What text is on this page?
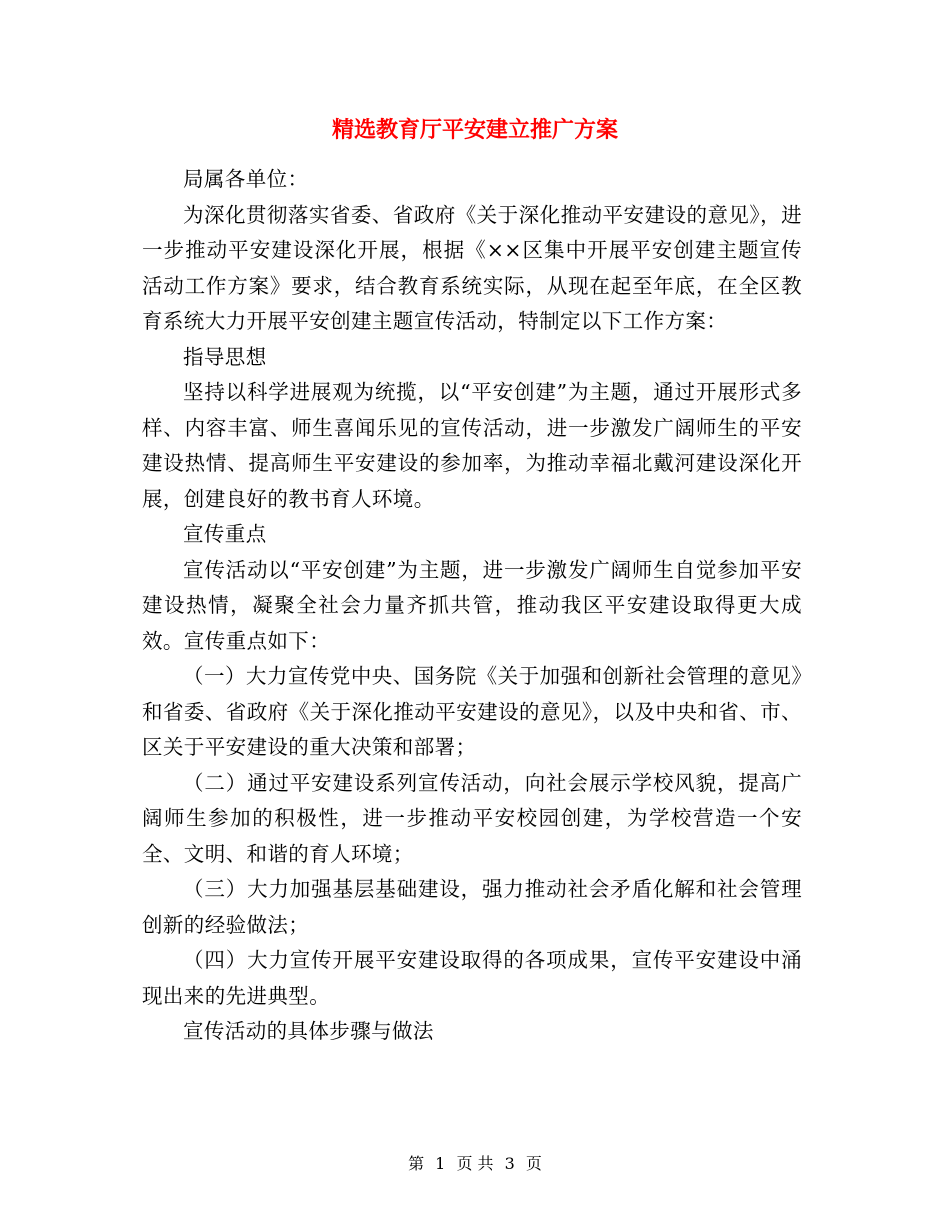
精选教育厅平安建立推广方案

局属各单位：

为深化贯彻落实省委、省政府《关于深化推动平安建设的意见》，进一步推动平安建设深化开展，根据《××区集中开展平安创建主题宣传活动工作方案》要求，结合教育系统实际，从现在起至年底，在全区教育系统大力开展平安创建主题宣传活动，特制定以下工作方案：

指导思想

坚持以科学进展观为统揽，以“平安创建”为主题，通过开展形式多样、内容丰富、师生喜闻乐见的宣传活动，进一步激发广阔师生的平安建设热情、提高师生平安建设的参加率，为推动幸福北戴河建设深化开展，创建良好的教书育人环境。

宣传重点

宣传活动以“平安创建”为主题，进一步激发广阔师生自觉参加平安建设热情，凝聚全社会力量齐抓共管，推动我区平安建设取得更大成效。宣传重点如下：

（一）大力宣传党中央、国务院《关于加强和创新社会管理的意见》和省委、省政府《关于深化推动平安建设的意见》，以及中央和省、市、区关于平安建设的重大决策和部署；

（二）通过平安建设系列宣传活动，向社会展示学校风貌，提高广阔师生参加的积极性，进一步推动平安校园创建，为学校营造一个安全、文明、和谐的育人环境；

（三）大力加强基层基础建设，强力推动社会矛盾化解和社会管理创新的经验做法；

（四）大力宣传开展平安建设取得的各项成果，宣传平安建设中涌现出来的先进典型。

宣传活动的具体步骤与做法

第 1 页 共 3 页
